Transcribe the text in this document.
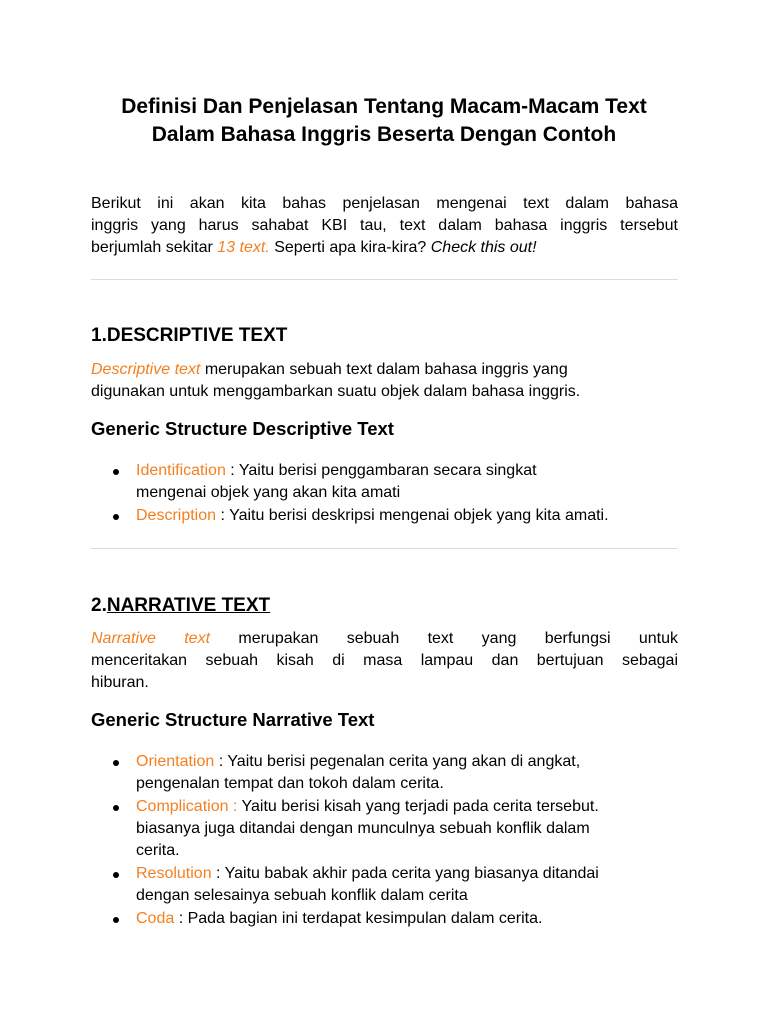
Definisi Dan Penjelasan Tentang Macam-Macam Text
Dalam Bahasa Inggris Beserta Dengan Contoh
Berikut ini akan kita bahas penjelasan mengenai text dalam bahasa
inggris yang harus sahabat KBI tau, text dalam bahasa inggris tersebut
berjumlah sekitar 13 text. Seperti apa kira-kira? Check this out!
1.DESCRIPTIVE TEXT
Descriptive text merupakan sebuah text dalam bahasa inggris yang
digunakan untuk menggambarkan suatu objek dalam bahasa inggris.
Generic Structure Descriptive Text
Identification : Yaitu berisi penggambaran secara singkat
mengenai objek yang akan kita amati
Description : Yaitu berisi deskripsi mengenai objek yang kita amati.
2.NARRATIVE TEXT
Narrative text merupakan sebuah text yang berfungsi untuk
menceritakan sebuah kisah di masa lampau dan bertujuan sebagai
hiburan.
Generic Structure Narrative Text
Orientation : Yaitu berisi pegenalan cerita yang akan di angkat,
pengenalan tempat dan tokoh dalam cerita.
Complication : Yaitu berisi kisah yang terjadi pada cerita tersebut.
biasanya juga ditandai dengan munculnya sebuah konflik dalam
cerita.
Resolution : Yaitu babak akhir pada cerita yang biasanya ditandai
dengan selesainya sebuah konflik dalam cerita
Coda : Pada bagian ini terdapat kesimpulan dalam cerita.
